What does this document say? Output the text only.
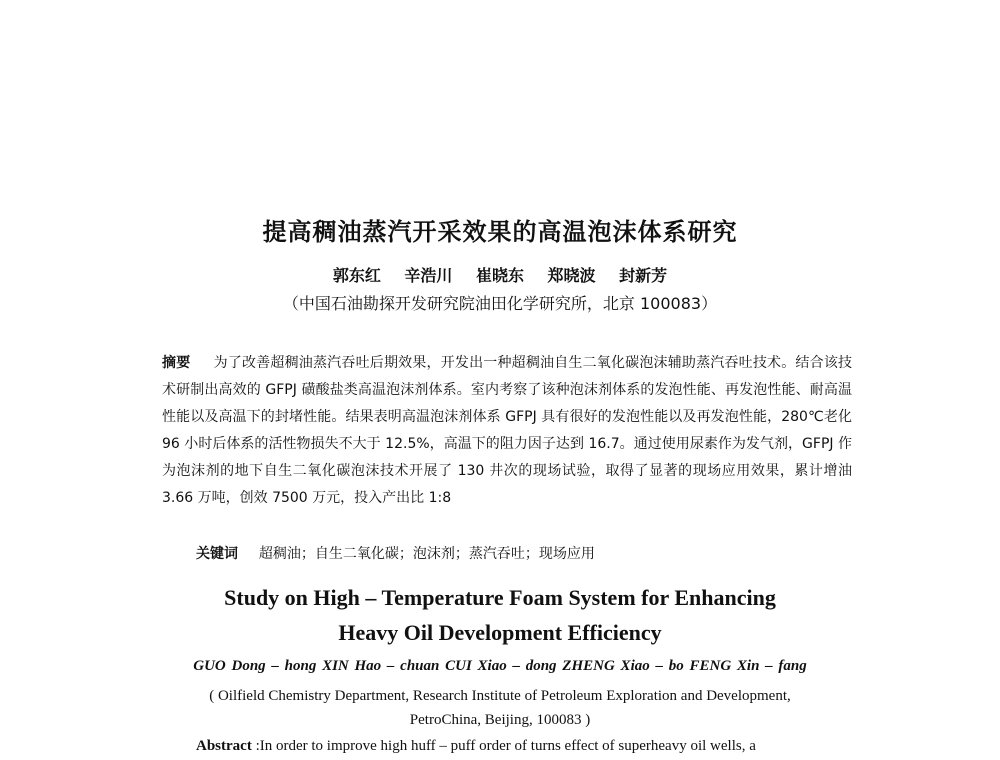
提高稠油蒸汽开采效果的高温泡沫体系研究
郭东红 辛浩川 崔晓东 郑晓波 封新芳
（中国石油勘探开发研究院油田化学研究所，北京 100083）
摘要 为了改善超稠油蒸汽吞吐后期效果，开发出一种超稠油自生二氧化碳泡沫辅助蒸汽吞吐技术。结合该技术研制出高效的 GFPJ 磺酸盐类高温泡沫剂体系。室内考察了该种泡沫剂体系的发泡性能、再发泡性能、耐高温性能以及高温下的封堵性能。结果表明高温泡沫剂体系 GFPJ 具有很好的发泡性能以及再发泡性能，280℃老化96 小时后体系的活性物损失不大于 12.5%，高温下的阻力因子达到 16.7。通过使用尿素作为发气剂，GFPJ 作为泡沫剂的地下自生二氧化碳泡沫技术开展了 130 井次的现场试验，取得了显著的现场应用效果，累计增油 3.66 万吨，创效 7500 万元，投入产出比 1:8
关键词 超稠油；自生二氧化碳；泡沫剂；蒸汽吞吐；现场应用
Study on High – Temperature Foam System for Enhancing
Heavy Oil Development Efficiency
GUO Dong – hong XIN Hao – chuan CUI Xiao – dong ZHENG Xiao – bo FENG Xin – fang
( Oilfield Chemistry Department, Research Institute of Petroleum Exploration and Development,
PetroChina, Beijing, 100083 )
Abstract :In order to improve high huff – puff order of turns effect of superheavy oil wells, a
